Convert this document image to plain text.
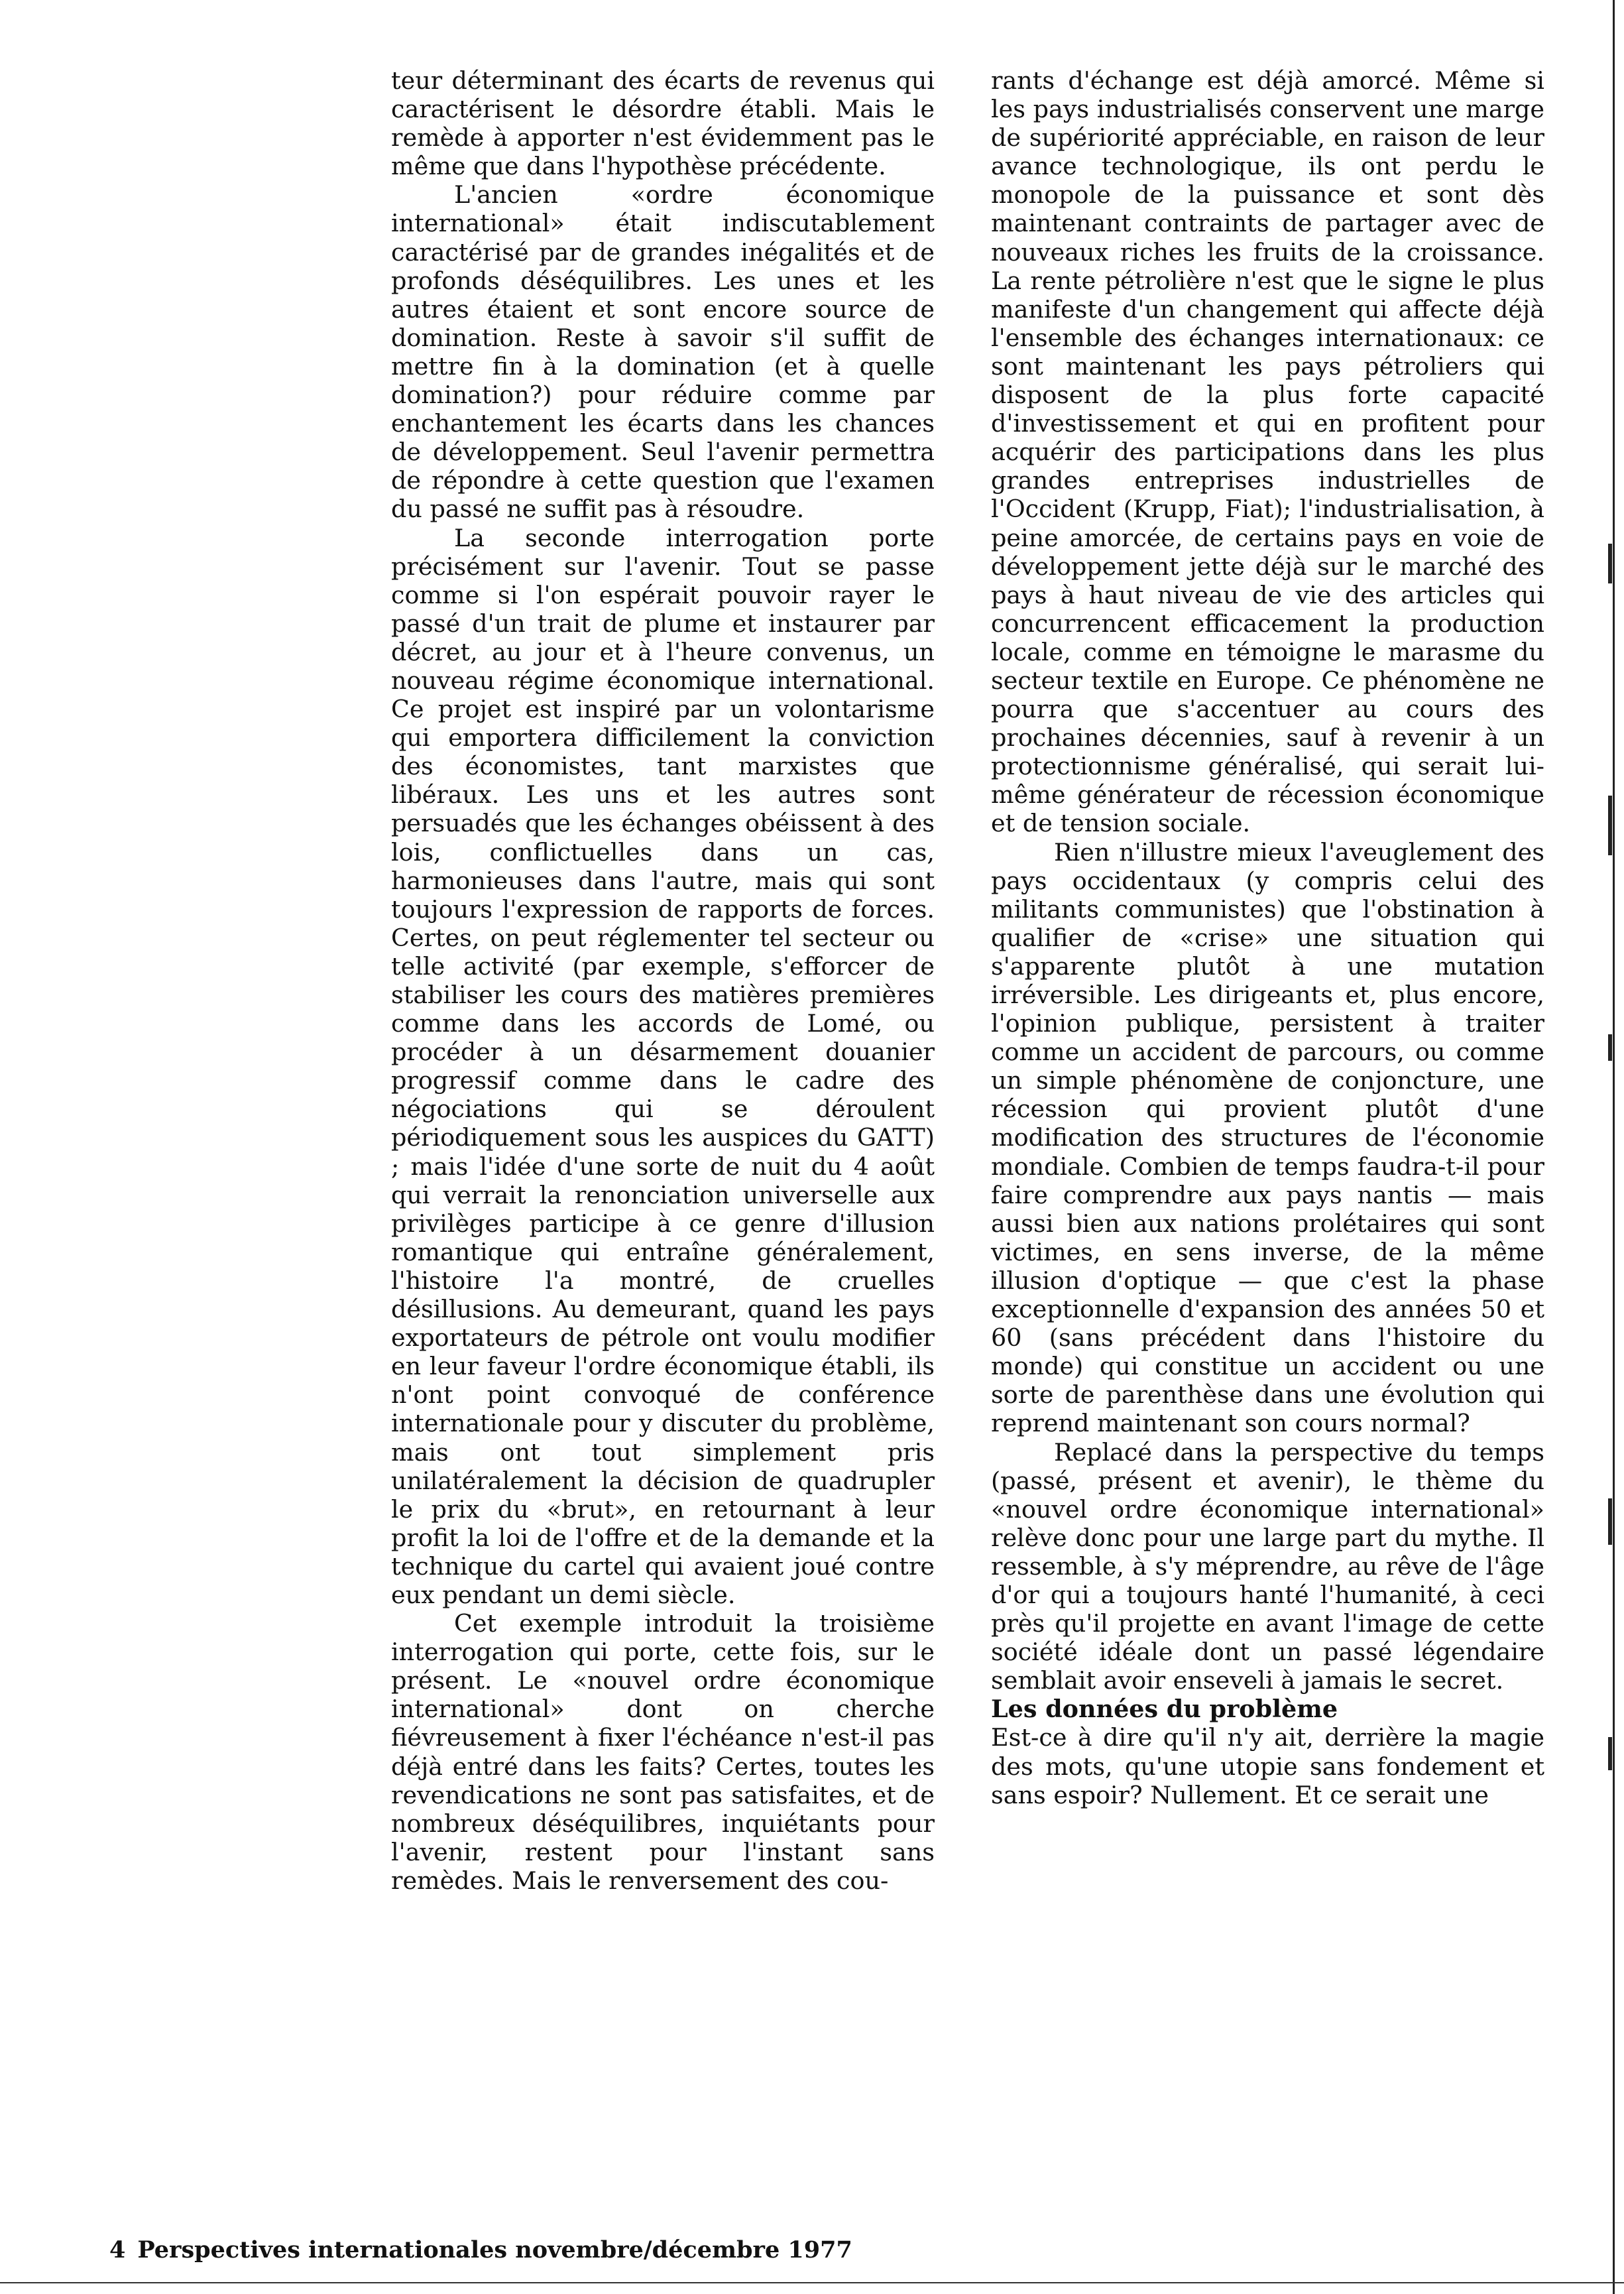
teur déterminant des écarts de revenus qui caractérisent le désordre établi. Mais le remède à apporter n'est évidemment pas le même que dans l'hypothèse précédente.

L'ancien «ordre économique international» était indiscutablement caractérisé par de grandes inégalités et de profonds déséquilibres. Les unes et les autres étaient et sont encore source de domination. Reste à savoir s'il suffit de mettre fin à la domination (et à quelle domination?) pour réduire comme par enchantement les écarts dans les chances de développement. Seul l'avenir permettra de répondre à cette question que l'examen du passé ne suffit pas à résoudre.

La seconde interrogation porte précisément sur l'avenir. Tout se passe comme si l'on espérait pouvoir rayer le passé d'un trait de plume et instaurer par décret, au jour et à l'heure convenus, un nouveau régime économique international. Ce projet est inspiré par un volontarisme qui emportera difficilement la conviction des économistes, tant marxistes que libéraux. Les uns et les autres sont persuadés que les échanges obéissent à des lois, conflictuelles dans un cas, harmonieuses dans l'autre, mais qui sont toujours l'expression de rapports de forces. Certes, on peut réglementer tel secteur ou telle activité (par exemple, s'efforcer de stabiliser les cours des matières premières comme dans les accords de Lomé, ou procéder à un désarmement douanier progressif comme dans le cadre des négociations qui se déroulent périodiquement sous les auspices du GATT) ; mais l'idée d'une sorte de nuit du 4 août qui verrait la renonciation universelle aux privilèges participe à ce genre d'illusion romantique qui entraîne généralement, l'histoire l'a montré, de cruelles désillusions. Au demeurant, quand les pays exportateurs de pétrole ont voulu modifier en leur faveur l'ordre économique établi, ils n'ont point convoqué de conférence internationale pour y discuter du problème, mais ont tout simplement pris unilatéralement la décision de quadrupler le prix du «brut», en retournant à leur profit la loi de l'offre et de la demande et la technique du cartel qui avaient joué contre eux pendant un demi siècle.

Cet exemple introduit la troisième interrogation qui porte, cette fois, sur le présent. Le «nouvel ordre économique international» dont on cherche fiévreusement à fixer l'échéance n'est-il pas déjà entré dans les faits? Certes, toutes les revendications ne sont pas satisfaites, et de nombreux déséquilibres, inquiétants pour l'avenir, restent pour l'instant sans remèdes. Mais le renversement des cou-

rants d'échange est déjà amorcé. Même si les pays industrialisés conservent une marge de supériorité appréciable, en raison de leur avance technologique, ils ont perdu le monopole de la puissance et sont dès maintenant contraints de partager avec de nouveaux riches les fruits de la croissance. La rente pétrolière n'est que le signe le plus manifeste d'un changement qui affecte déjà l'ensemble des échanges internationaux: ce sont maintenant les pays pétroliers qui disposent de la plus forte capacité d'investissement et qui en profitent pour acquérir des participations dans les plus grandes entreprises industrielles de l'Occident (Krupp, Fiat); l'industrialisation, à peine amorcée, de certains pays en voie de développement jette déjà sur le marché des pays à haut niveau de vie des articles qui concurrencent efficacement la production locale, comme en témoigne le marasme du secteur textile en Europe. Ce phénomène ne pourra que s'accentuer au cours des prochaines décennies, sauf à revenir à un protectionnisme généralisé, qui serait lui-même générateur de récession économique et de tension sociale.

Rien n'illustre mieux l'aveuglement des pays occidentaux (y compris celui des militants communistes) que l'obstination à qualifier de «crise» une situation qui s'apparente plutôt à une mutation irréversible. Les dirigeants et, plus encore, l'opinion publique, persistent à traiter comme un accident de parcours, ou comme un simple phénomène de conjoncture, une récession qui provient plutôt d'une modification des structures de l'économie mondiale. Combien de temps faudra-t-il pour faire comprendre aux pays nantis — mais aussi bien aux nations prolétaires qui sont victimes, en sens inverse, de la même illusion d'optique — que c'est la phase exceptionnelle d'expansion des années 50 et 60 (sans précédent dans l'histoire du monde) qui constitue un accident ou une sorte de parenthèse dans une évolution qui reprend maintenant son cours normal?

Replacé dans la perspective du temps (passé, présent et avenir), le thème du «nouvel ordre économique international» relève donc pour une large part du mythe. Il ressemble, à s'y méprendre, au rêve de l'âge d'or qui a toujours hanté l'humanité, à ceci près qu'il projette en avant l'image de cette société idéale dont un passé légendaire semblait avoir enseveli à jamais le secret.

Les données du problème

Est-ce à dire qu'il n'y ait, derrière la magie des mots, qu'une utopie sans fondement et sans espoir? Nullement. Et ce serait une

4 Perspectives internationales novembre/décembre 1977
